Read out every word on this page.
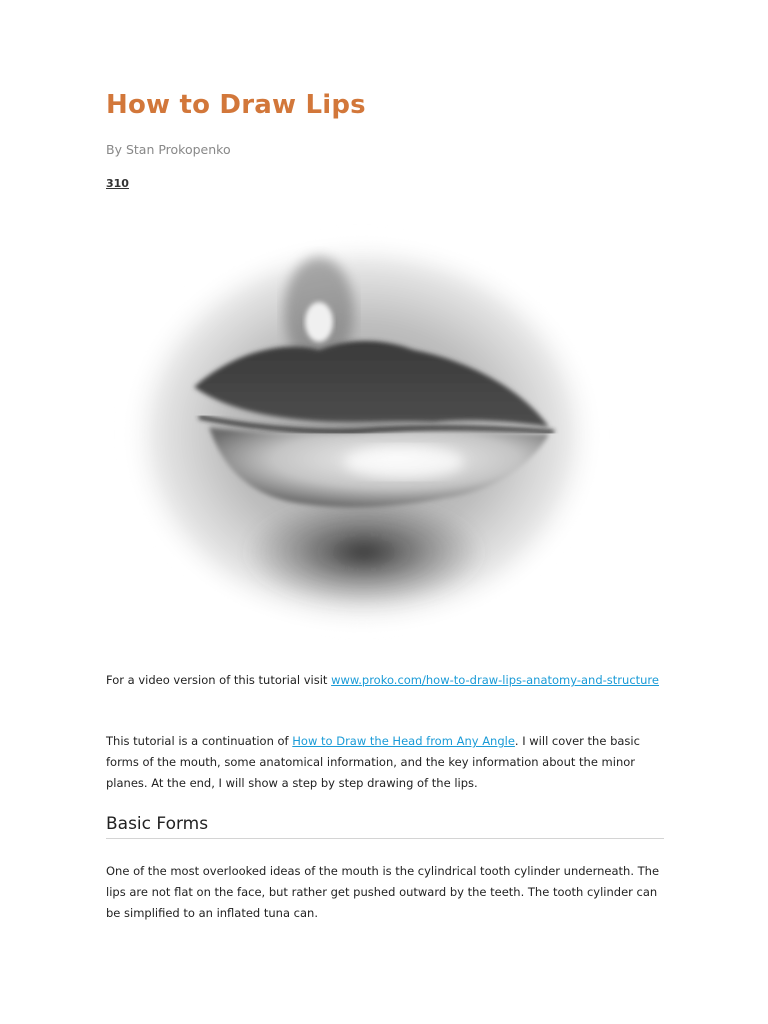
How to Draw Lips
By Stan Prokopenko
310

For a video version of this tutorial visit www.proko.com/how-to-draw-lips-anatomy-and-structure

This tutorial is a continuation of How to Draw the Head from Any Angle. I will cover the basic forms of the mouth, some anatomical information, and the key information about the minor planes. At the end, I will show a step by step drawing of the lips.

Basic Forms

One of the most overlooked ideas of the mouth is the cylindrical tooth cylinder underneath. The lips are not flat on the face, but rather get pushed outward by the teeth. The tooth cylinder can be simplified to an inflated tuna can.
